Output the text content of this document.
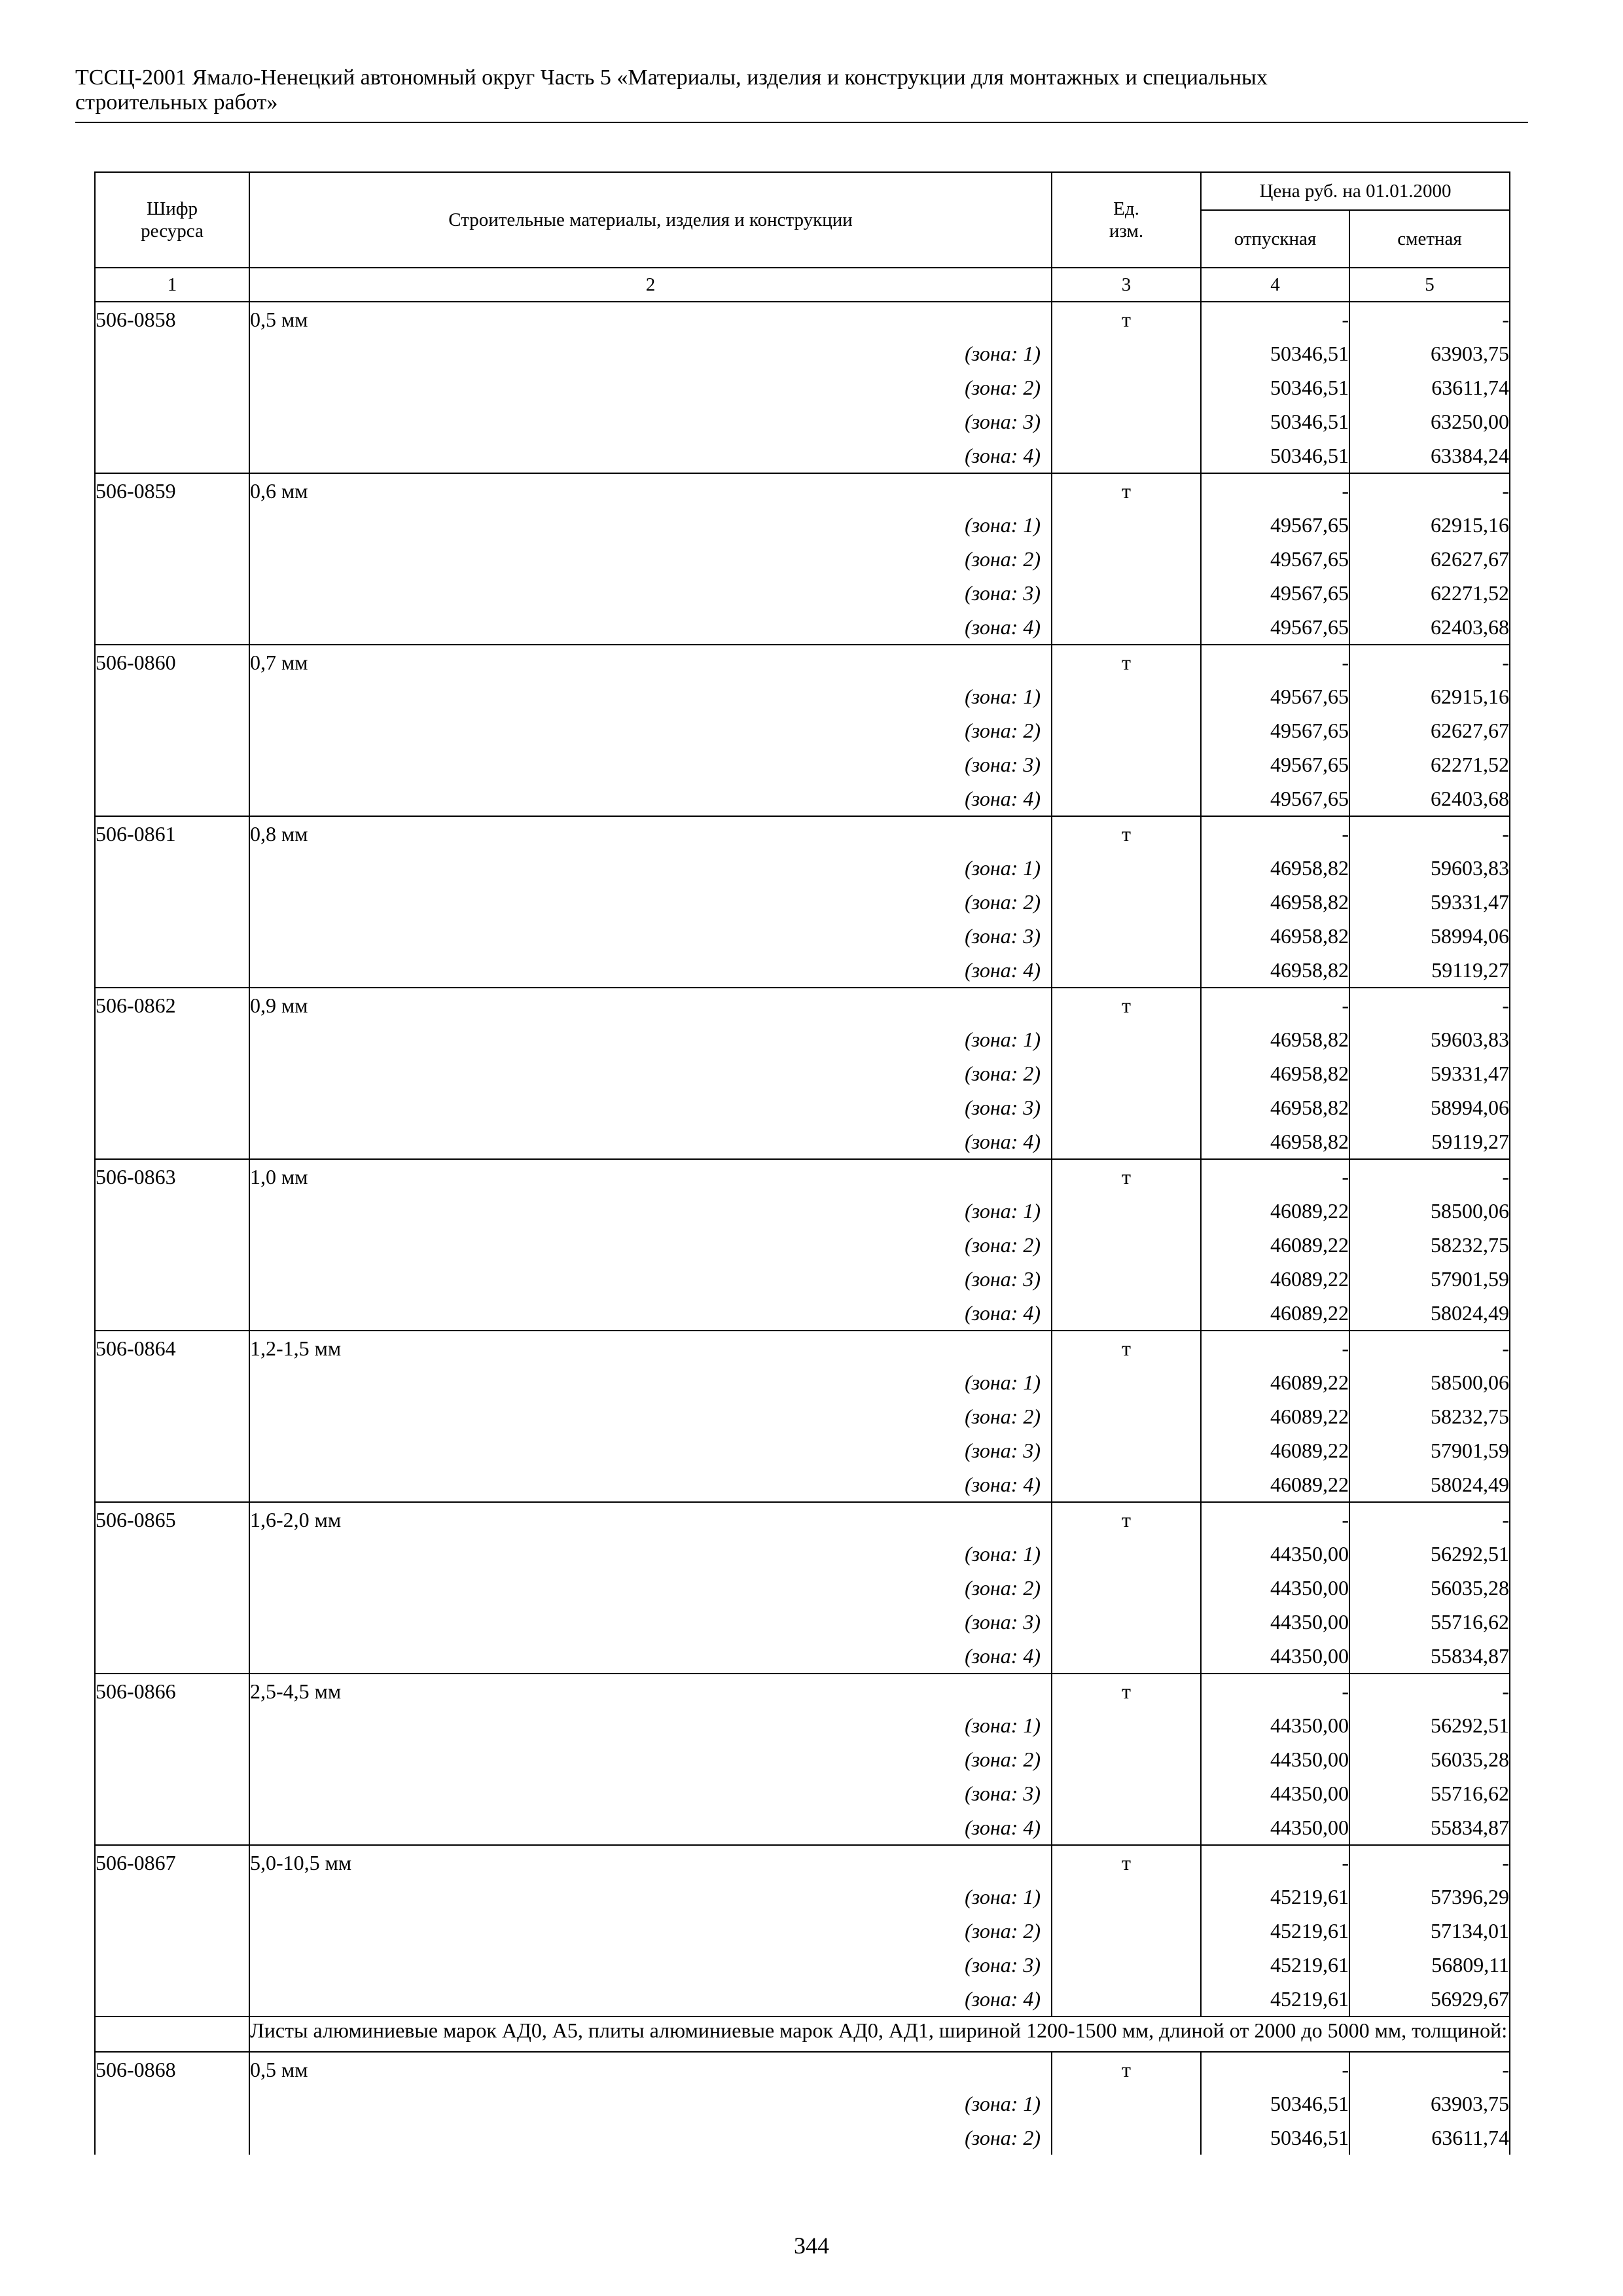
ТССЦ-2001 Ямало-Ненецкий автономный округ Часть 5 «Материалы, изделия и конструкции для монтажных и специальных
строительных работ»
Шифр ресурса	Строительные материалы, изделия и конструкции	Ед. изм.	Цена руб. на 01.01.2000	
			отпускная	сметная
1	2	3	4	5
506-0858	0,5 мм	т	-	-
	(зона: 1)		50346,51	63903,75
	(зона: 2)		50346,51	63611,74
	(зона: 3)		50346,51	63250,00
	(зона: 4)		50346,51	63384,24
506-0859	0,6 мм	т	-	-
	(зона: 1)		49567,65	62915,16
	(зона: 2)		49567,65	62627,67
	(зона: 3)		49567,65	62271,52
	(зона: 4)		49567,65	62403,68
506-0860	0,7 мм	т	-	-
	(зона: 1)		49567,65	62915,16
	(зона: 2)		49567,65	62627,67
	(зона: 3)		49567,65	62271,52
	(зона: 4)		49567,65	62403,68
506-0861	0,8 мм	т	-	-
	(зона: 1)		46958,82	59603,83
	(зона: 2)		46958,82	59331,47
	(зона: 3)		46958,82	58994,06
	(зона: 4)		46958,82	59119,27
506-0862	0,9 мм	т	-	-
	(зона: 1)		46958,82	59603,83
	(зона: 2)		46958,82	59331,47
	(зона: 3)		46958,82	58994,06
	(зона: 4)		46958,82	59119,27
506-0863	1,0 мм	т	-	-
	(зона: 1)		46089,22	58500,06
	(зона: 2)		46089,22	58232,75
	(зона: 3)		46089,22	57901,59
	(зона: 4)		46089,22	58024,49
506-0864	1,2-1,5 мм	т	-	-
	(зона: 1)		46089,22	58500,06
	(зона: 2)		46089,22	58232,75
	(зона: 3)		46089,22	57901,59
	(зона: 4)		46089,22	58024,49
506-0865	1,6-2,0 мм	т	-	-
	(зона: 1)		44350,00	56292,51
	(зона: 2)		44350,00	56035,28
	(зона: 3)		44350,00	55716,62
	(зона: 4)		44350,00	55834,87
506-0866	2,5-4,5 мм	т	-	-
	(зона: 1)		44350,00	56292,51
	(зона: 2)		44350,00	56035,28
	(зона: 3)		44350,00	55716,62
	(зона: 4)		44350,00	55834,87
506-0867	5,0-10,5 мм	т	-	-
	(зона: 1)		45219,61	57396,29
	(зона: 2)		45219,61	57134,01
	(зона: 3)		45219,61	56809,11
	(зона: 4)		45219,61	56929,67
	Листы алюминиевые марок АД0, А5, плиты алюминиевые марок АД0, АД1, шириной 1200-1500 мм, длиной от 2000 до 5000 мм, толщиной:			
506-0868	0,5 мм	т	-	-
	(зона: 1)		50346,51	63903,75
	(зона: 2)		50346,51	63611,74
344
